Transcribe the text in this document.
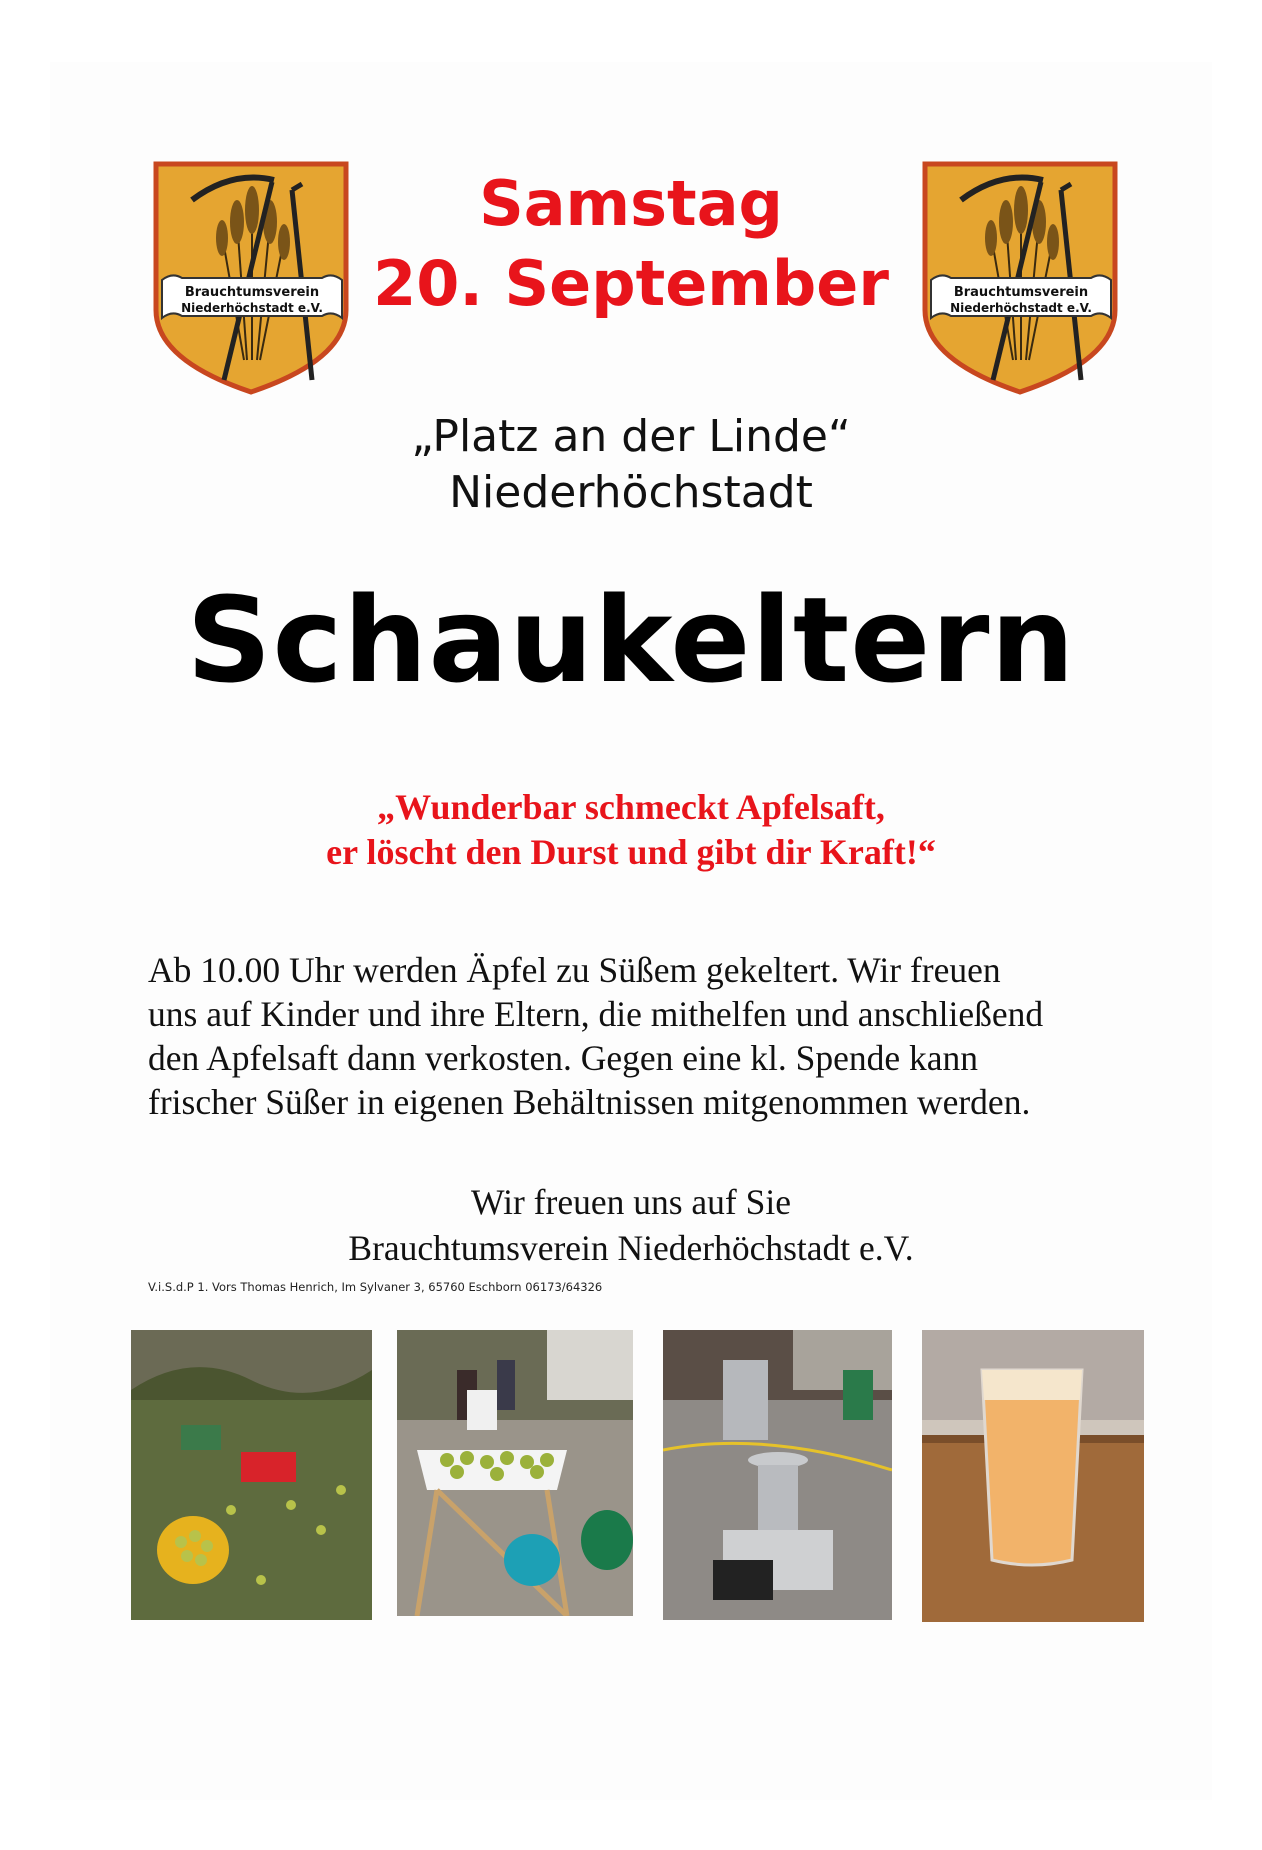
Brauchtumsverein
Niederhöchstadt e.V.
Brauchtumsverein
Niederhöchstadt e.V.
Samstag
20. September
„Platz an der Linde“
Niederhöchstadt
Schaukeltern
„Wunderbar schmeckt Apfelsaft,
er löscht den Durst und gibt dir Kraft!“
Ab 10.00 Uhr werden Äpfel zu Süßem gekeltert. Wir freuen
uns auf Kinder und ihre Eltern, die mithelfen und anschließend
den Apfelsaft dann verkosten. Gegen eine kl. Spende kann
frischer Süßer in eigenen Behältnissen mitgenommen werden.
Wir freuen uns auf Sie
Brauchtumsverein Niederhöchstadt e.V.
V.i.S.d.P 1. Vors Thomas Henrich, Im Sylvaner 3, 65760 Eschborn 06173/64326
